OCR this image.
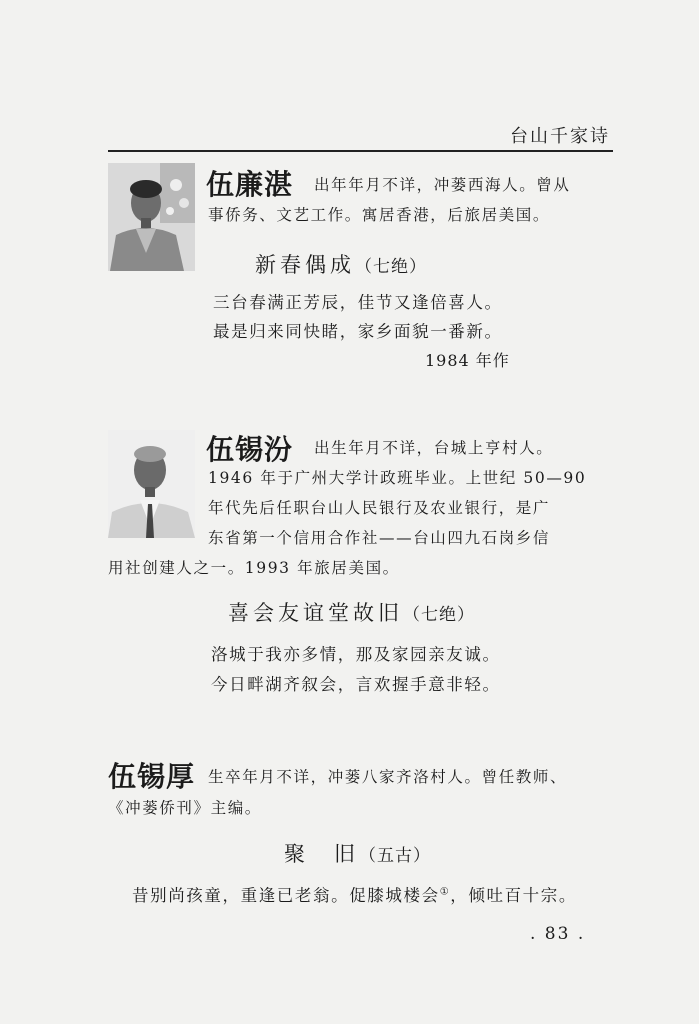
台山千家诗
伍廉湛 出年年月不详，冲蒌西海人。曾从
事侨务、文艺工作。寓居香港，后旅居美国。
新春偶成（七绝）
三台春满正芳辰，佳节又逢倍喜人。
最是归来同快睹，家乡面貌一番新。
1984 年作
伍锡汾 出生年月不详，台城上亨村人。
1946 年于广州大学计政班毕业。上世纪 50—90
年代先后任职台山人民银行及农业银行，是广
东省第一个信用合作社——台山四九石岗乡信
用社创建人之一。1993 年旅居美国。
喜会友谊堂故旧（七绝）
洛城于我亦多情，那及家园亲友诚。
今日畔湖齐叙会，言欢握手意非轻。
伍锡厚 生卒年月不详，冲蒌八家齐洛村人。曾任教师、
《冲蒌侨刊》主编。
聚　旧（五古）
昔别尚孩童，重逢已老翁。促膝城楼会①，倾吐百十宗。
. 83 .
